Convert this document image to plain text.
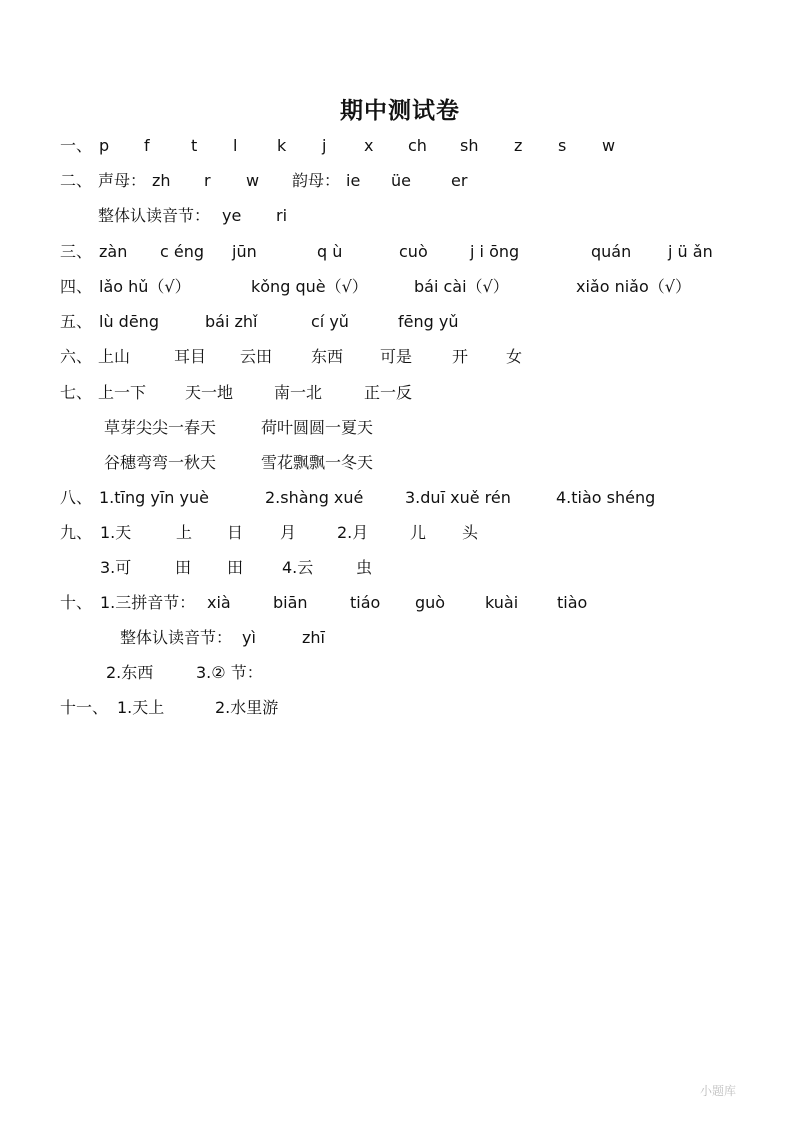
期中测试卷
一、 p f	t l k j x ch sh z s w
二、 声母： zh r w 韵母： ie üe	er
整体认读音节： ye ri
三、 zàn c éng jūn	q ù	cuò	j i ōng	quán j ü ǎn
四、 lǎo hǔ（√）	kǒng què（√）	bái cài（√）	xiǎo niǎo（√）
五、 lù dēng	bái zhǐ	cí yǔ	fēng yǔ
六、 上山	耳目 云田 东西 可是 开 女
七、 上一下 天一地	南一北	正一反
草芽尖尖一春天	荷叶圆圆一夏天
谷穗弯弯一秋天	雪花飘飘一冬天
八、 1.tīng yīn yuè	2.shàng xué	3.duī xuě rén	4.tiào shéng
九、 1.天	上 日 月	2.月	儿 头
3.可	田 田 4.云	虫
十、 1.三拼音节： xià	biān	tiáo guò kuài tiào
整体认读音节： yì	zhī
2.东西	3.② 节：
十一、 1.天上	2.水里游
小题库
